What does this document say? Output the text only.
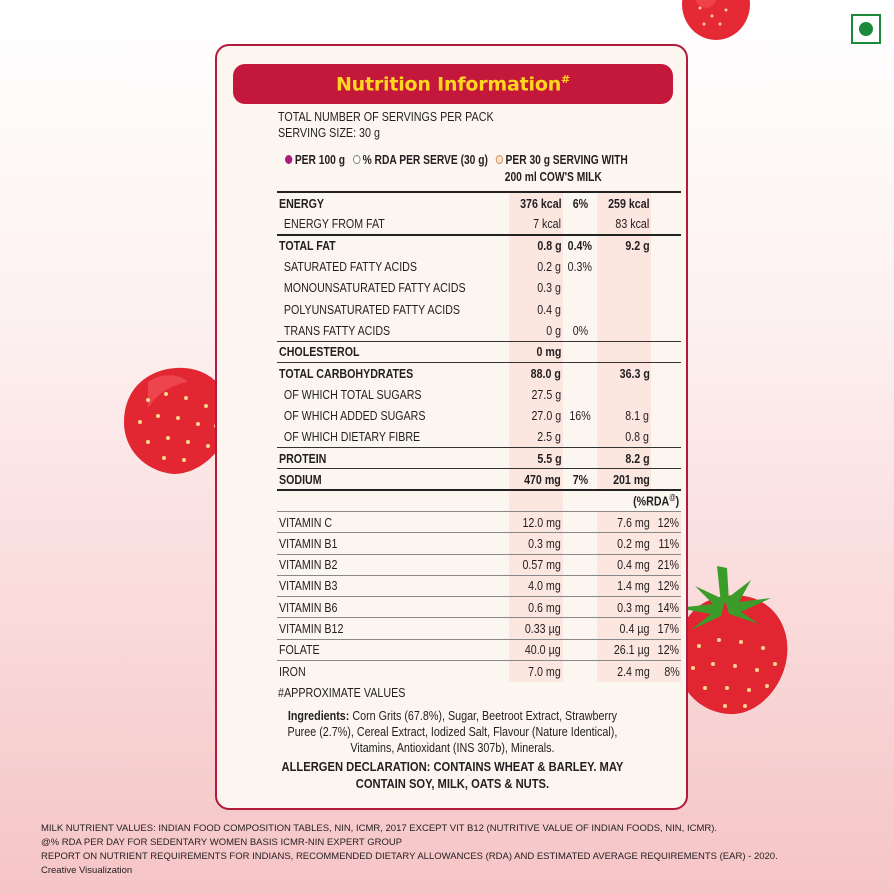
Nutrition Information#
TOTAL NUMBER OF SERVINGS PER PACK
SERVING SIZE: 30 g
PER 100 g % RDA PER SERVE (30 g) PER 30 g SERVING WITH
200 ml COW'S MILK
ENERGY	376 kcal	6%	259 kcal	
ENERGY FROM FAT	7 kcal		83 kcal	
TOTAL FAT	0.8 g	0.4%	9.2 g	
SATURATED FATTY ACIDS	0.2 g	0.3%		
MONOUNSATURATED FATTY ACIDS	0.3 g			
POLYUNSATURATED FATTY ACIDS	0.4 g			
TRANS FATTY ACIDS	0 g	0%		
CHOLESTEROL	0 mg			
TOTAL CARBOHYDRATES	88.0 g		36.3 g	
OF WHICH TOTAL SUGARS	27.5 g			
OF WHICH ADDED SUGARS	27.0 g	16%	8.1 g	
OF WHICH DIETARY FIBRE	2.5 g		0.8 g	
PROTEIN	5.5 g		8.2 g	
SODIUM	470 mg	7%	201 mg	
			(%RDA@)	
VITAMIN C	12.0 mg		7.6 mg	12%
VITAMIN B1	0.3 mg		0.2 mg	11%
VITAMIN B2	0.57 mg		0.4 mg	21%
VITAMIN B3	4.0 mg		1.4 mg	12%
VITAMIN B6	0.6 mg		0.3 mg	14%
VITAMIN B12	0.33 µg		0.4 µg	17%
FOLATE	40.0 µg		26.1 µg	12%
IRON	7.0 mg		2.4 mg	8%
#APPROXIMATE VALUES
Ingredients: Corn Grits (67.8%), Sugar, Beetroot Extract, Strawberry Puree (2.7%), Cereal Extract, Iodized Salt, Flavour (Nature Identical), Vitamins, Antioxidant (INS 307b), Minerals.
ALLERGEN DECLARATION: CONTAINS WHEAT & BARLEY. MAY CONTAIN SOY, MILK, OATS & NUTS.
MILK NUTRIENT VALUES: INDIAN FOOD COMPOSITION TABLES, NIN, ICMR, 2017 EXCEPT VIT B12 (NUTRITIVE VALUE OF INDIAN FOODS, NIN, ICMR).
@% RDA PER DAY FOR SEDENTARY WOMEN BASIS ICMR-NIN EXPERT GROUP
REPORT ON NUTRIENT REQUIREMENTS FOR INDIANS, RECOMMENDED DIETARY ALLOWANCES (RDA) AND ESTIMATED AVERAGE REQUIREMENTS (EAR) - 2020.
Creative Visualization
